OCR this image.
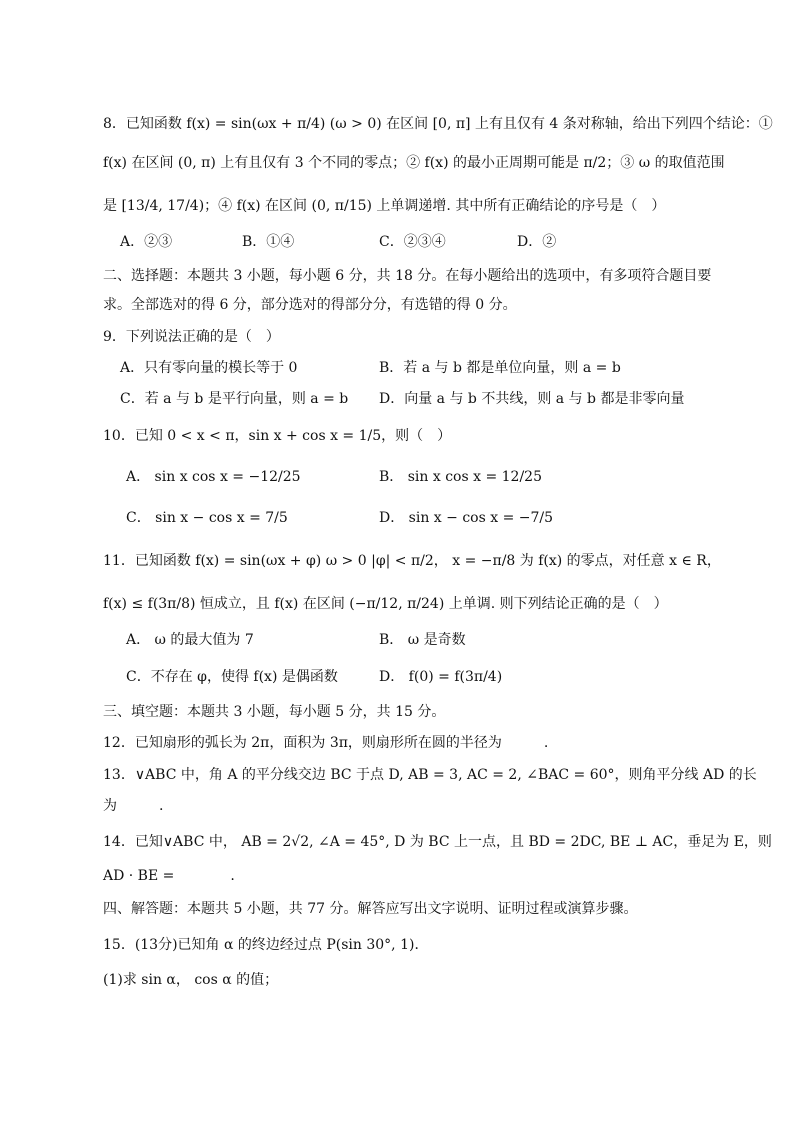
8．已知函数 f(x) = sin(ωx + π/4) (ω > 0) 在区间 [0, π] 上有且仅有 4 条对称轴，给出下列四个结论：①
f(x) 在区间 (0, π) 上有且仅有 3 个不同的零点；② f(x) 的最小正周期可能是 π/2；③ ω 的取值范围
是 [13/4, 17/4)；④ f(x) 在区间 (0, π/15) 上单调递增. 其中所有正确结论的序号是（　）
A．②③	B．①④	C．②③④	D．②
二、选择题：本题共 3 小题，每小题 6 分，共 18 分。在每小题给出的选项中，有多项符合题目要
求。全部选对的得 6 分，部分选对的得部分分，有选错的得 0 分。
9．下列说法正确的是（　）
A．只有零向量的模长等于 0	B．若 a 与 b 都是单位向量，则 a = b
C．若 a 与 b 是平行向量，则 a = b D．向量 a 与 b 不共线，则 a 与 b 都是非零向量
10．已知 0 < x < π，sin x + cos x = 1/5，则（　）
A． sin x cos x = −12/25	B． sin x cos x = 12/25
C． sin x − cos x = 7/5	D． sin x − cos x = −7/5
11．已知函数 f(x) = sin(ωx + φ) ω > 0 |φ| < π/2， x = −π/8 为 f(x) 的零点，对任意 x ∈ R，
f(x) ≤ f(3π/8) 恒成立，且 f(x) 在区间 (−π/12, π/24) 上单调. 则下列结论正确的是（　）
A． ω 的最大值为 7	B． ω 是奇数
C．不存在 φ，使得 f(x) 是偶函数	D． f(0) = f(3π/4)
三、填空题：本题共 3 小题，每小题 5 分，共 15 分。
12．已知扇形的弧长为 2π，面积为 3π，则扇形所在圆的半径为　　　.
13．∨ABC 中，角 A 的平分线交边 BC 于点 D, AB = 3, AC = 2, ∠BAC = 60°，则角平分线 AD 的长
为　　　.
14．已知∨ABC 中， AB = 2√2, ∠A = 45°, D 为 BC 上一点，且 BD = 2DC, BE ⊥ AC，垂足为 E，则
AD · BE =　　　　.
四、解答题：本题共 5 小题，共 77 分。解答应写出文字说明、证明过程或演算步骤。
15．(13分)已知角 α 的终边经过点 P(sin 30°, 1)．
(1)求 sin α， cos α 的值；
